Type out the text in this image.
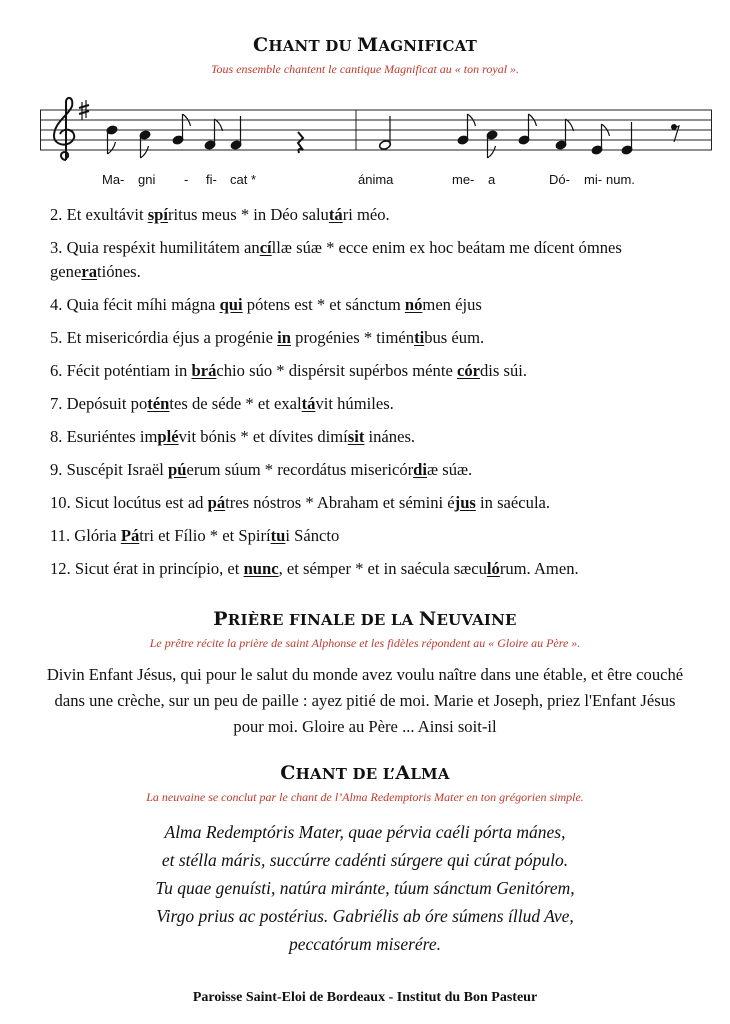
CHANT DU MAGNIFICAT

Tous ensemble chantent le cantique Magnificat au « ton royal ».

Ma- gni - fi- cat *	ánima	me- a	Dó- mi- num.
2. Et exultávit spíritus meus * in Déo salutári méo.
3. Quia respéxit humilitátem ancíllæ súæ * ecce enim ex hoc beátam me dícent ómnes generatiónes.
4. Quia fécit míhi mágna qui pótens est * et sánctum nómen éjus
5. Et misericórdia éjus a progénie in progénies * timéntibus éum.
6. Fécit poténtiam in bráchio súo * dispérsit supérbos ménte córdis súi.
7. Depósuit poténtes de séde * et exaltávit húmiles.
8. Esuriéntes implévit bónis * et dívites dimísit inánes.
9. Suscépit Israël púerum súum * recordátus misericórdiæ súæ.
10. Sicut locútus est ad pátres nóstros * Abraham et sémini éjus in saécula.
11. Glória Pátri et Fílio * et Spirítui Sáncto
12. Sicut érat in princípio, et nunc, et sémper * et in saécula sæculórum. Amen.
PRIÈRE FINALE DE LA NEUVAINE

Le prêtre récite la prière de saint Alphonse et les fidèles répondent au « Gloire au Père ».

Divin Enfant Jésus, qui pour le salut du monde avez voulu naître dans une étable, et être couché dans une crèche, sur un peu de paille : ayez pitié de moi. Marie et Joseph, priez l'Enfant Jésus pour moi. Gloire au Père ... Ainsi soit-il

CHANT DE L’ALMA

La neuvaine se conclut par le chant de l’Alma Redemptoris Mater en ton grégorien simple.

Alma Redemptóris Mater, quae pérvia caéli pórta mánes,
et stélla máris, succúrre cadénti súrgere qui cúrat pópulo.
Tu quae genuísti, natúra miránte, túum sánctum Genitórem,
Virgo prius ac postérius. Gabriélis ab óre súmens íllud Ave,
peccatórum miserére.

Paroisse Saint-Eloi de Bordeaux - Institut du Bon Pasteur
